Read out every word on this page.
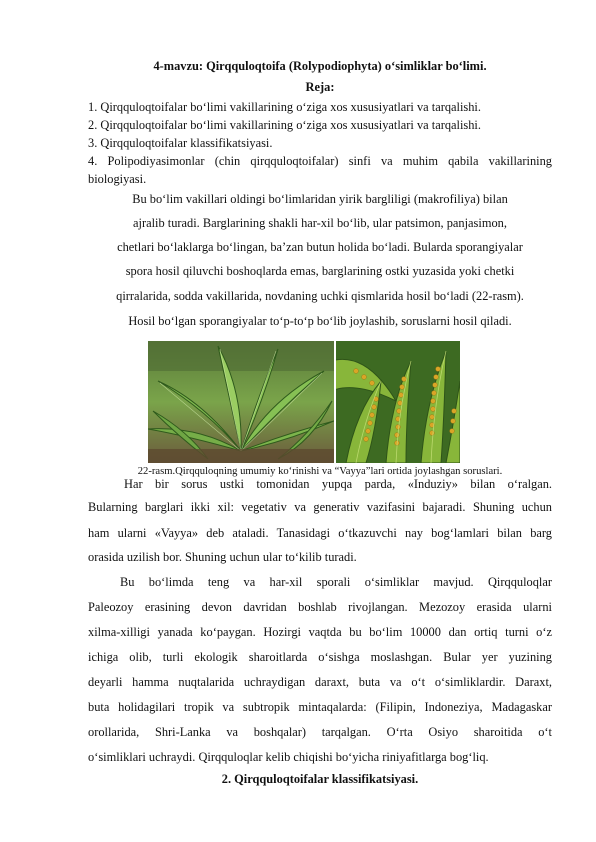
4-mavzu: Qirqquloqtoifa (Rolypodiophyta) o‘simliklar bo‘limi.
Reja:
1. Qirqquloqtoifalar bo‘limi vakillarining o‘ziga xos xususiyatlari va tarqalishi.
2. Qirqquloqtoifalar bo‘limi vakillarining o‘ziga xos xususiyatlari va tarqalishi.
3. Qirqquloqtoifalar klassifikatsiyasi.
4. Polipodiyasimonlar (chin qirqquloqtoifalar) sinfi va muhim qabila vakillarining
biologiyasi.
Bu bo‘lim vakillari oldingi bo‘limlaridan yirik bargliligi (makrofiliya) bilan
ajralib turadi. Barglarining shakli har-xil bo‘lib, ular patsimon, panjasimon,
chetlari bo‘laklarga bo‘lingan, ba’zan butun holida bo‘ladi. Bularda sporangiyalar
spora hosil qiluvchi boshoqlarda emas, barglarining ostki yuzasida yoki chetki
qirralarida, sodda vakillarida, novdaning uchki qismlarida hosil bo‘ladi (22-rasm).
Hosil bo‘lgan sporangiyalar to‘p-to‘p bo‘lib joylashib, soruslarni hosil qiladi.
22-rasm.Qirqquloqning umumiy ko‘rinishi va “Vayya”lari ortida joylashgan soruslari.
Har bir sorus ustki tomonidan yupqa parda, «Induziy» bilan o‘ralgan.
Bularning barglari ikki xil: vegetativ va generativ vazifasini bajaradi. Shuning uchun
ham ularni «Vayya» deb ataladi. Tanasidagi o‘tkazuvchi nay bog‘lamlari bilan barg
orasida uzilish bor. Shuning uchun ular to‘kilib turadi.
Bu bo‘limda teng va har-xil sporali o‘simliklar mavjud. Qirqquloqlar
Paleozoy erasining devon davridan boshlab rivojlangan. Mezozoy erasida ularni
xilma-xilligi yanada ko‘paygan. Hozirgi vaqtda bu bo‘lim 10000 dan ortiq turni o‘z
ichiga olib, turli ekologik sharoitlarda o‘sishga moslashgan. Bular yer yuzining
deyarli hamma nuqtalarida uchraydigan daraxt, buta va o‘t o‘simliklardir. Daraxt,
buta holidagilari tropik va subtropik mintaqalarda: (Filipin, Indoneziya, Madagaskar
orollarida, Shri-Lanka va boshqalar) tarqalgan. O‘rta Osiyo sharoitida o‘t
o‘simliklari uchraydi. Qirqquloqlar kelib chiqishi bo‘yicha riniyafitlarga bog‘liq.
2. Qirqquloqtoifalar klassifikatsiyasi.
